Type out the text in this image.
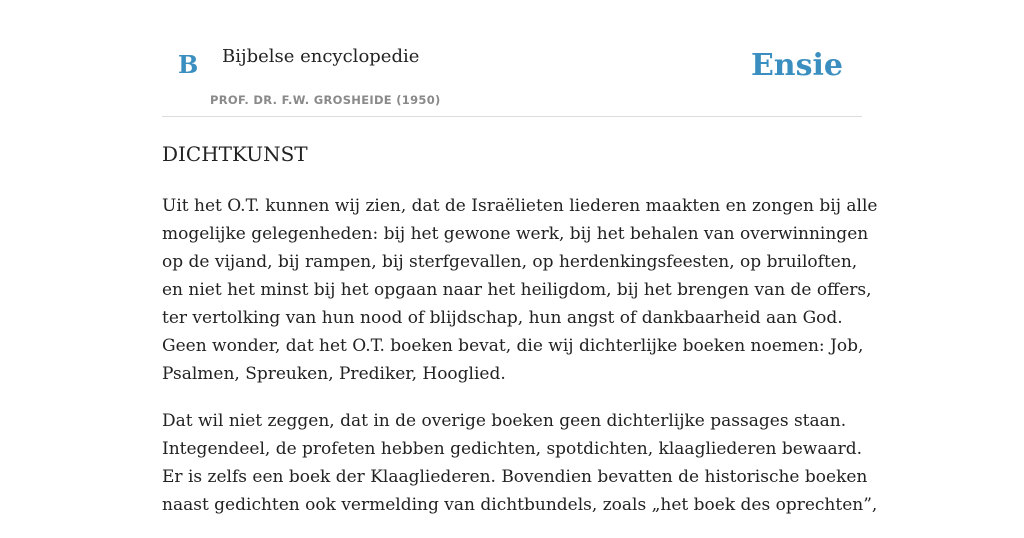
B Bijbelse encyclopedie
PROF. DR. F.W. GROSHEIDE (1950)
Ensie
DICHTKUNST

Uit het O.T. kunnen wij zien, dat de Israëlieten liederen maakten en zongen bij alle
mogelijke gelegenheden: bij het gewone werk, bij het behalen van overwinningen
op de vijand, bij rampen, bij sterfgevallen, op herdenkingsfeesten, op bruiloften,
en niet het minst bij het opgaan naar het heiligdom, bij het brengen van de offers,
ter vertolking van hun nood of blijdschap, hun angst of dankbaarheid aan God.
Geen wonder, dat het O.T. boeken bevat, die wij dichterlijke boeken noemen: Job,
Psalmen, Spreuken, Prediker, Hooglied.

Dat wil niet zeggen, dat in de overige boeken geen dichterlijke passages staan.
Integendeel, de profeten hebben gedichten, spotdichten, klaagliederen bewaard.
Er is zelfs een boek der Klaagliederen. Bovendien bevatten de historische boeken
naast gedichten ook vermelding van dichtbundels, zoals „het boek des oprechten”,
